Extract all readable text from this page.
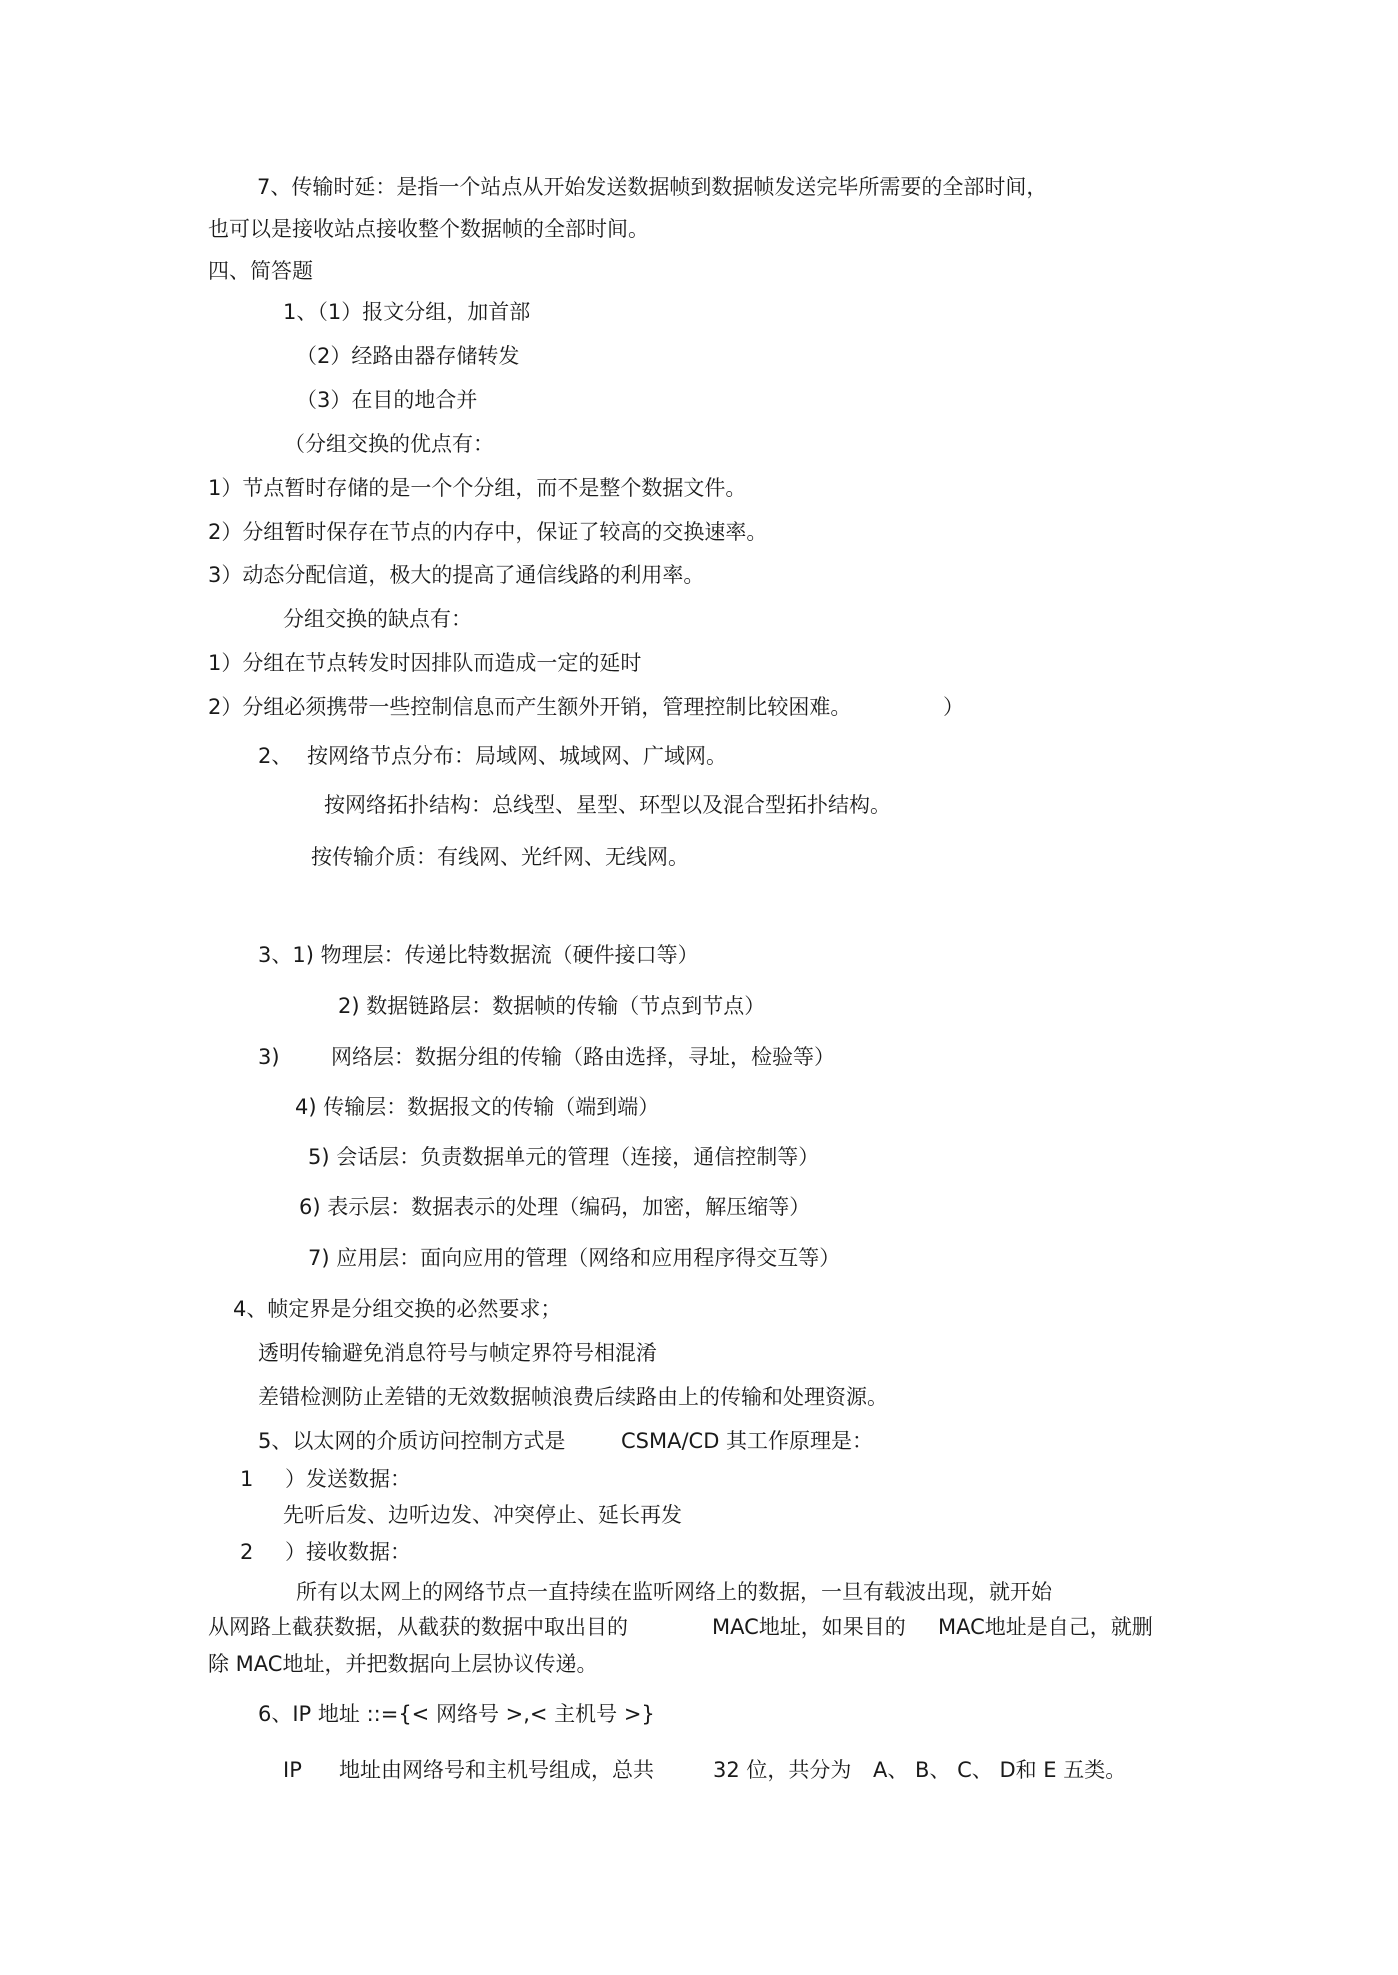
7、传输时延：是指一个站点从开始发送数据帧到数据帧发送完毕所需要的全部时间，
也可以是接收站点接收整个数据帧的全部时间。
四、简答题
1、（1）报文分组，加首部
（2）经路由器存储转发
（3）在目的地合并
（分组交换的优点有：
1）节点暂时存储的是一个个分组，而不是整个数据文件。
2）分组暂时保存在节点的内存中，保证了较高的交换速率。
3）动态分配信道，极大的提高了通信线路的利用率。
分组交换的缺点有：
1）分组在节点转发时因排队而造成一定的延时
2）分组必须携带一些控制信息而产生额外开销，管理控制比较困难。	）
2、 按网络节点分布：局域网、城域网、广域网。
按网络拓扑结构：总线型、星型、环型以及混合型拓扑结构。
按传输介质：有线网、光纤网、无线网。
3、1) 物理层：传递比特数据流（硬件接口等）
2) 数据链路层：数据帧的传输（节点到节点）
3) 网络层：数据分组的传输（路由选择，寻址，检验等）
4) 传输层：数据报文的传输（端到端）
5) 会话层：负责数据单元的管理（连接，通信控制等）
6) 表示层：数据表示的处理（编码，加密，解压缩等）
7) 应用层：面向应用的管理（网络和应用程序得交互等）
4、帧定界是分组交换的必然要求；
透明传输避免消息符号与帧定界符号相混淆
差错检测防止差错的无效数据帧浪费后续路由上的传输和处理资源。
5、以太网的介质访问控制方式是	CSMA/CD 其工作原理是：
1 ）发送数据：
先听后发、边听边发、冲突停止、延长再发
2 ）接收数据：
所有以太网上的网络节点一直持续在监听网络上的数据，一旦有载波出现，就开始
从网路上截获数据，从截获的数据中取出目的	MAC地址，如果目的 MAC地址是自己，就删
除 MAC地址，并把数据向上层协议传递。
6、IP 地址 ::={< 网络号 >,< 主机号 >}
IP 地址由网络号和主机号组成，总共	32 位，共分为 A、 B、 C、 D和 E 五类。
